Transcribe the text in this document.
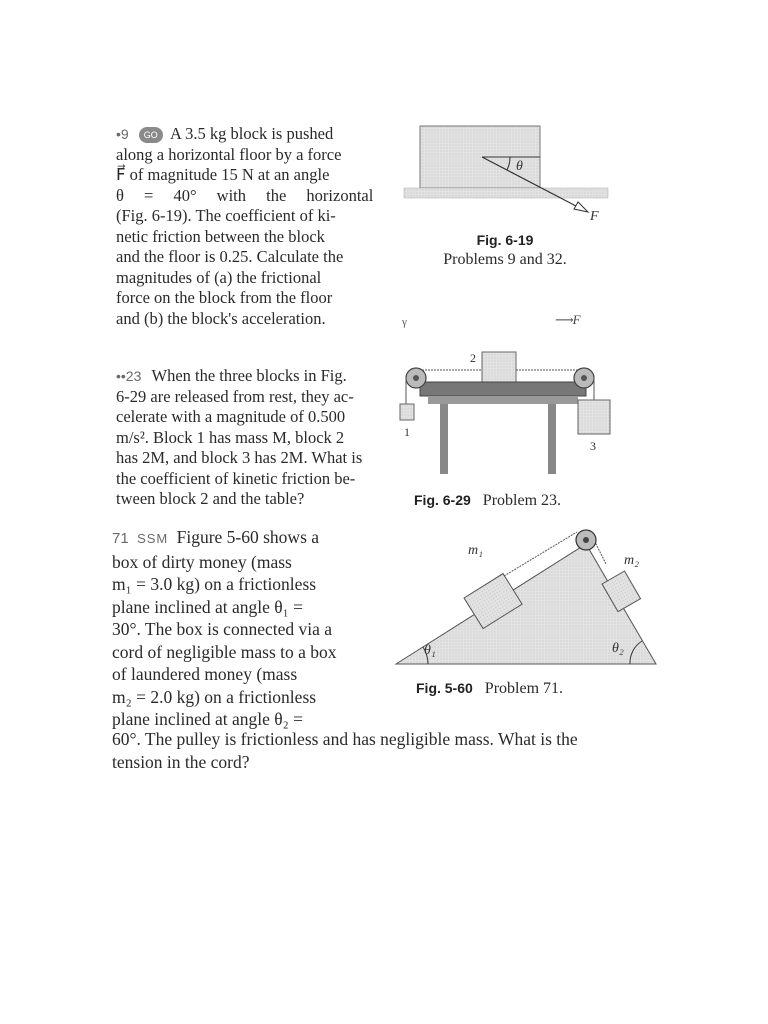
•9 GO A 3.5 kg block is pushed

along a horizontal floor by a force

F⃗ of magnitude 15 N at an angle

θ = 40° with the horizontal

(Fig. 6-19). The coefficient of ki-

netic friction between the block

and the floor is 0.25. Calculate the

magnitudes of (a) the frictional

force on the block from the floor

and (b) the block's acceleration.

θ
F⃗
Fig. 6-19
Problems 9 and 32.
γ	⟶F⃗

••23 When the three blocks in Fig.

6-29 are released from rest, they ac-

celerate with a magnitude of 0.500

m/s². Block 1 has mass M, block 2

has 2M, and block 3 has 2M. What is

the coefficient of kinetic friction be-

tween block 2 and the table?

2
1
3
Fig. 6-29 Problem 23.

71 SSM Figure 5-60 shows a

box of dirty money (mass

m₁ = 3.0 kg) on a frictionless

plane inclined at angle θ₁ =

30°. The box is connected via a

cord of negligible mass to a box

of laundered money (mass

m₂ = 2.0 kg) on a frictionless

plane inclined at angle θ₂ =

60°. The pulley is frictionless and has negligible mass. What is the

tension in the cord?

m₁
m₂
θ₁	θ₂
Fig. 5-60 Problem 71.
